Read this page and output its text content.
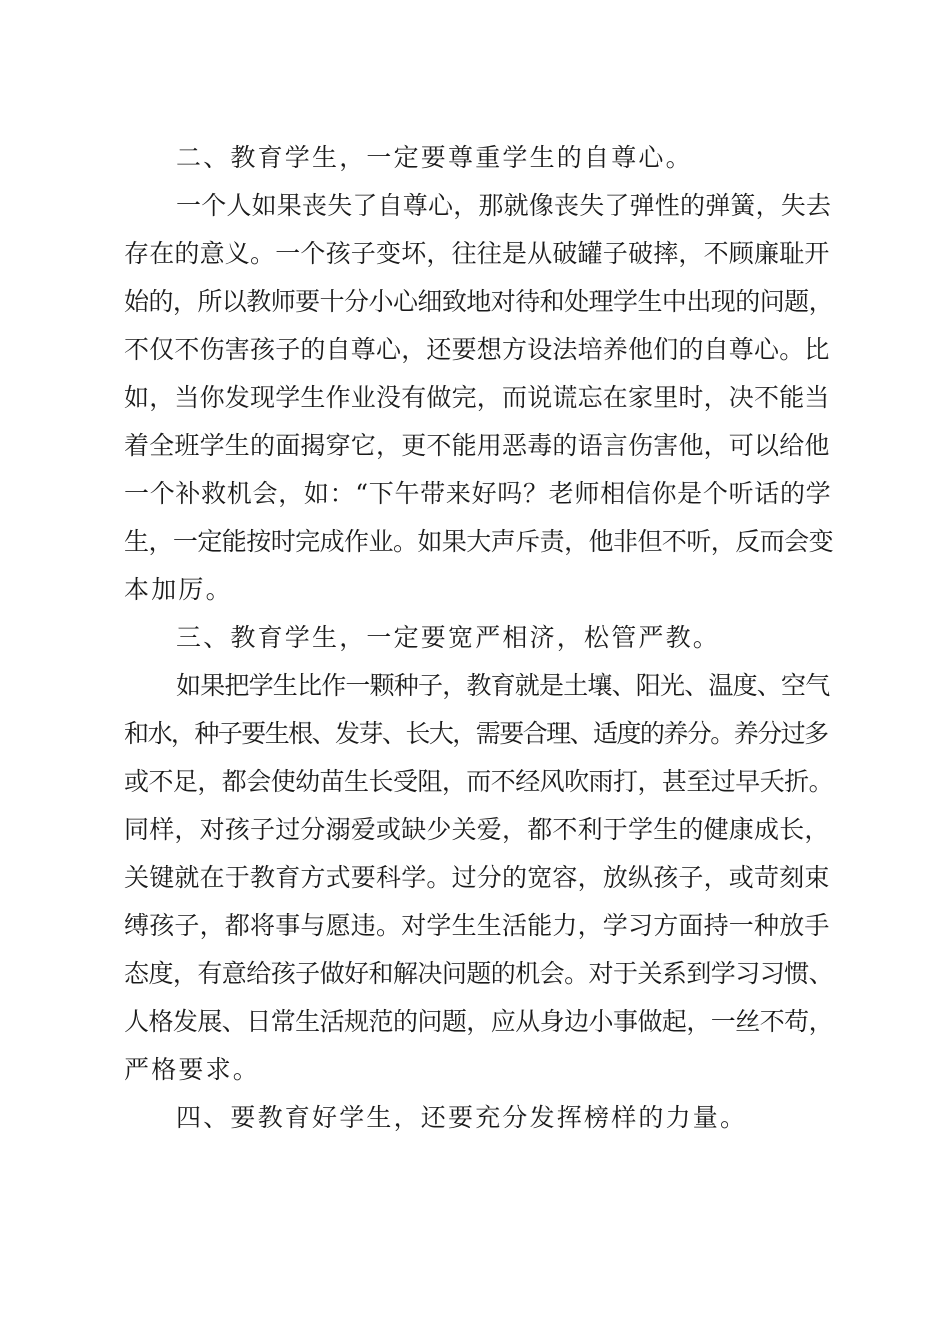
二、教育学生，一定要尊重学生的自尊心。
一个人如果丧失了自尊心，那就像丧失了弹性的弹簧，失去
存在的意义。一个孩子变坏，往往是从破罐子破摔，不顾廉耻开
始的，所以教师要十分小心细致地对待和处理学生中出现的问题，
不仅不伤害孩子的自尊心，还要想方设法培养他们的自尊心。比
如，当你发现学生作业没有做完，而说谎忘在家里时，决不能当
着全班学生的面揭穿它，更不能用恶毒的语言伤害他，可以给他
一个补救机会，如：“下午带来好吗？老师相信你是个听话的学
生，一定能按时完成作业。如果大声斥责，他非但不听，反而会变
本加厉。
三、教育学生，一定要宽严相济，松管严教。
如果把学生比作一颗种子，教育就是土壤、阳光、温度、空气
和水，种子要生根、发芽、长大，需要合理、适度的养分。养分过多
或不足，都会使幼苗生长受阻，而不经风吹雨打，甚至过早夭折。
同样，对孩子过分溺爱或缺少关爱，都不利于学生的健康成长，
关键就在于教育方式要科学。过分的宽容，放纵孩子，或苛刻束
缚孩子，都将事与愿违。对学生生活能力，学习方面持一种放手
态度，有意给孩子做好和解决问题的机会。对于关系到学习习惯、
人格发展、日常生活规范的问题，应从身边小事做起，一丝不苟，
严格要求。
四、要教育好学生，还要充分发挥榜样的力量。
